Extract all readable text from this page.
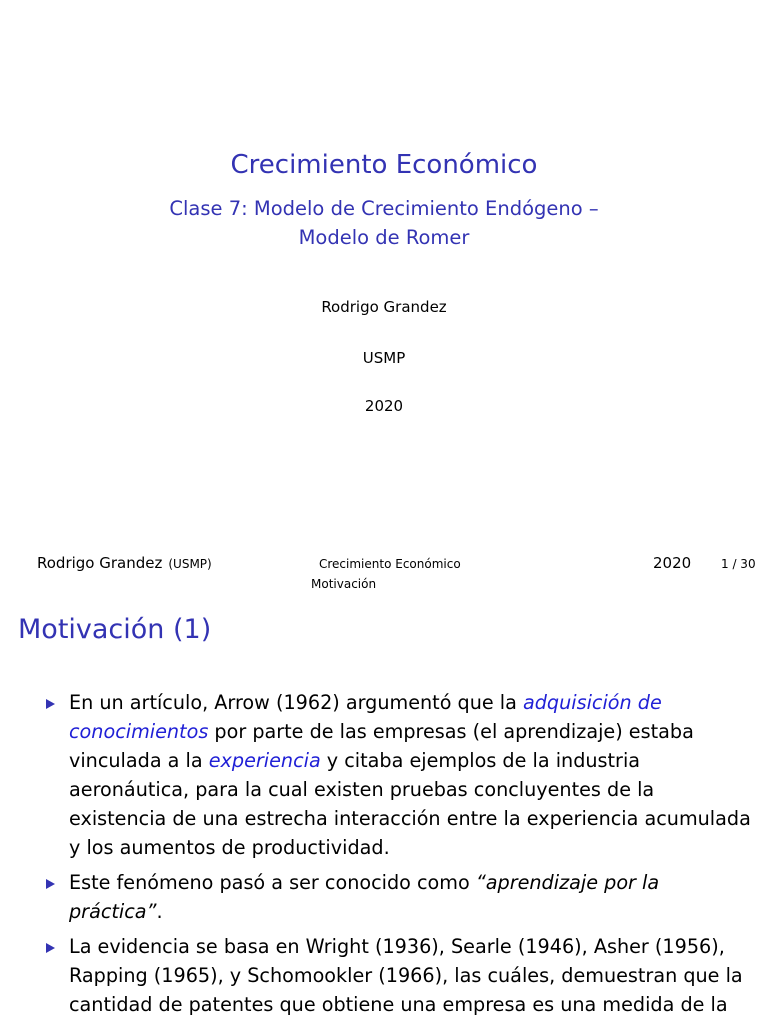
Crecimiento Económico
Clase 7: Modelo de Crecimiento Endógeno –
Modelo de Romer
Rodrigo Grandez
USMP
2020
Rodrigo Grandez (USMP)	Crecimiento Económico	2020 1 / 30
Motivación
Motivación (1)
En un artículo, Arrow (1962) argumentó que la adquisición de conocimientos por parte de las empresas (el aprendizaje) estaba vinculada a la experiencia y citaba ejemplos de la industria aeronáutica, para la cual existen pruebas concluyentes de la existencia de una estrecha interacción entre la experiencia acumulada y los aumentos de productividad.
Este fenómeno pasó a ser conocido como “aprendizaje por la práctica”.
La evidencia se basa en Wright (1936), Searle (1946), Asher (1956), Rapping (1965), y Schomookler (1966), las cuáles, demuestran que la cantidad de patentes que obtiene una empresa es una medida de la
